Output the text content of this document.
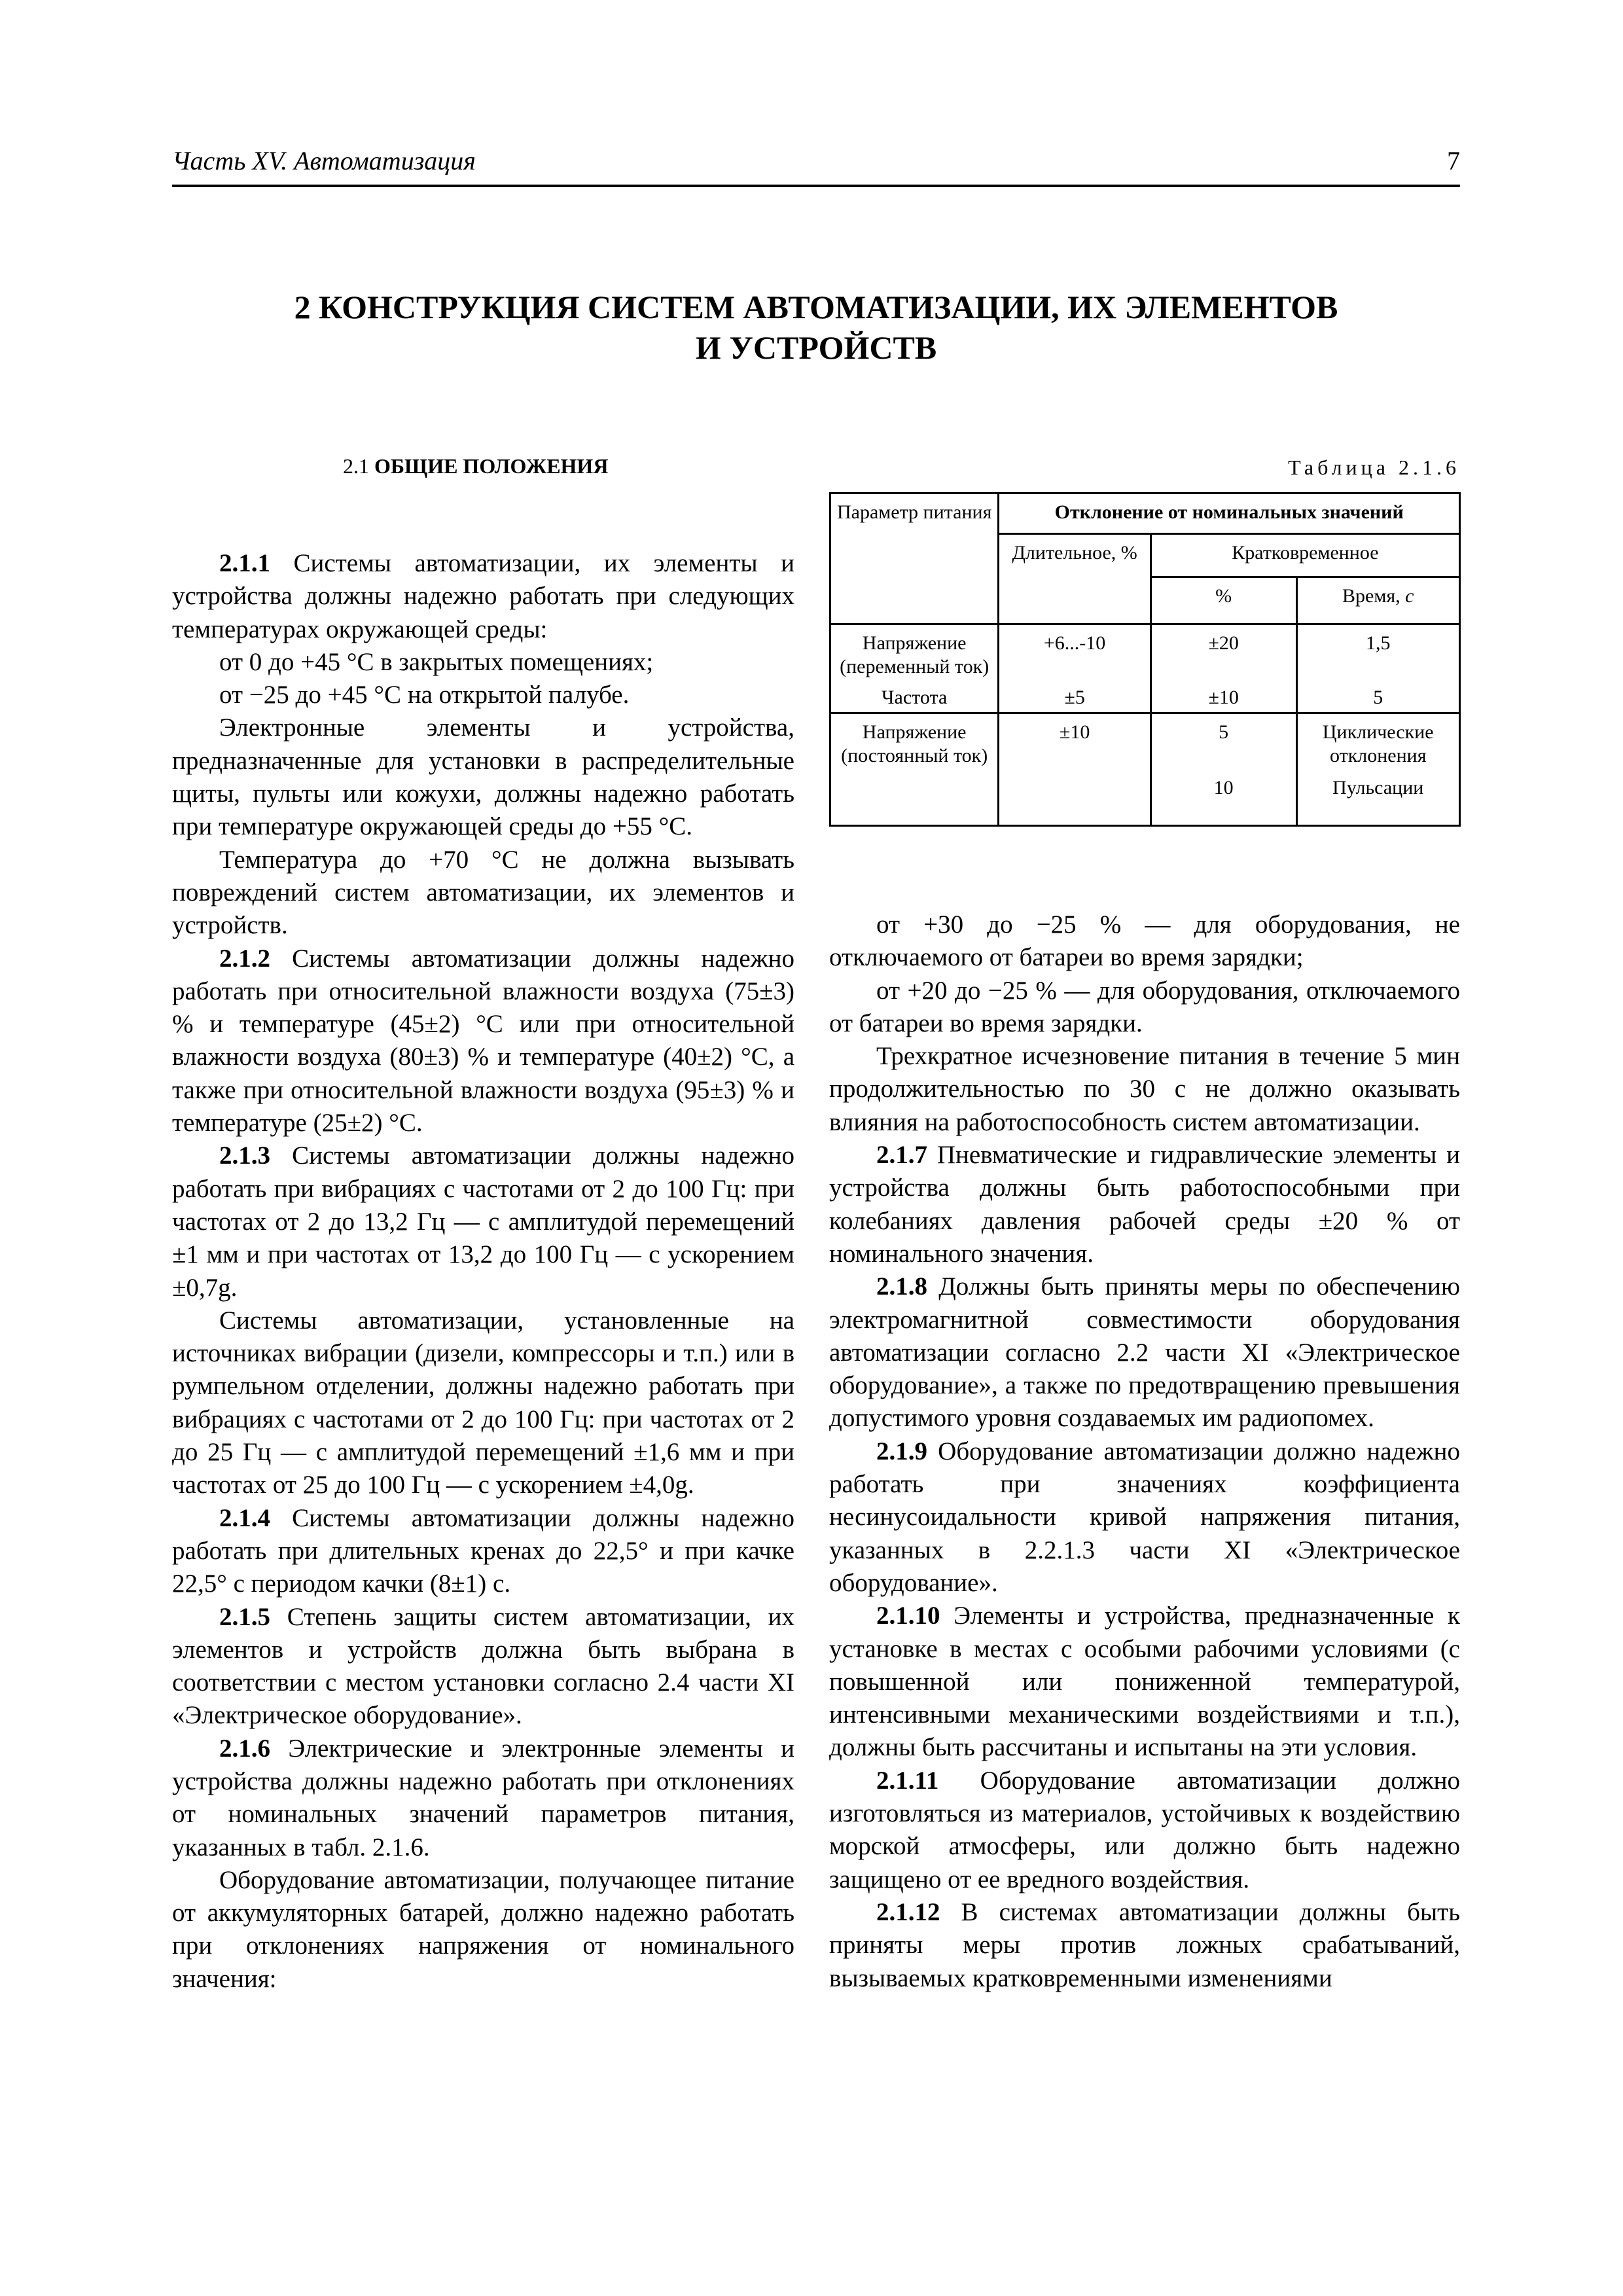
Часть XV. Автоматизация	7
2 КОНСТРУКЦИЯ СИСТЕМ АВТОМАТИЗАЦИИ, ИХ ЭЛЕМЕНТОВ
И УСТРОЙСТВ
2.1 ОБЩИЕ ПОЛОЖЕНИЯ	Таблица 2.1.6
Параметр питания	Отклонение от номинальных значений		
	Длительное, %	Кратковременное	
		%	Время, с
Напряжение (переменный ток)	+6...-10	±20	1,5
Частота	±5	±10	5
Напряжение (постоянный ток)	±10	5	Циклические отклонения
		10	Пульсации

2.1.1 Системы автоматизации, их элементы и устройства должны надежно работать при следующих температурах окружающей среды:

от 0 до +45 °С в закрытых помещениях;

от −25 до +45 °С на открытой палубе.

Электронные элементы и устройства, предназначенные для установки в распределительные щиты, пульты или кожухи, должны надежно работать при температуре окружающей среды до +55 °С.

Температура до +70 °С не должна вызывать повреждений систем автоматизации, их элементов и устройств.

2.1.2 Системы автоматизации должны надежно работать при относительной влажности воздуха (75±3) % и температуре (45±2) °С или при относительной влажности воздуха (80±3) % и температуре (40±2) °С, а также при относительной влажности воздуха (95±3) % и температуре (25±2) °С.

2.1.3 Системы автоматизации должны надежно работать при вибрациях с частотами от 2 до 100 Гц: при частотах от 2 до 13,2 Гц — с амплитудой перемещений ±1 мм и при частотах от 13,2 до 100 Гц — с ускорением ±0,7g.

Системы автоматизации, установленные на источниках вибрации (дизели, компрессоры и т.п.) или в румпельном отделении, должны надежно работать при вибрациях с частотами от 2 до 100 Гц: при частотах от 2 до 25 Гц — с амплитудой перемещений ±1,6 мм и при частотах от 25 до 100 Гц — с ускорением ±4,0g.

2.1.4 Системы автоматизации должны надежно работать при длительных кренах до 22,5° и при качке 22,5° с периодом качки (8±1) с.

2.1.5 Степень защиты систем автоматизации, их элементов и устройств должна быть выбрана в соответствии с местом установки согласно 2.4 части XI «Электрическое оборудование».

2.1.6 Электрические и электронные элементы и устройства должны надежно работать при отклонениях от номинальных значений параметров питания, указанных в табл. 2.1.6.

Оборудование автоматизации, получающее питание от аккумуляторных батарей, должно надежно работать при отклонениях напряжения от номинального значения:

от +30 до −25 % — для оборудования, не отключаемого от батареи во время зарядки;

от +20 до −25 % — для оборудования, отключаемого от батареи во время зарядки.

Трехкратное исчезновение питания в течение 5 мин продолжительностью по 30 с не должно оказывать влияния на работоспособность систем автоматизации.

2.1.7 Пневматические и гидравлические элементы и устройства должны быть работоспособными при колебаниях давления рабочей среды ±20 % от номинального значения.

2.1.8 Должны быть приняты меры по обеспечению электромагнитной совместимости оборудования автоматизации согласно 2.2 части XI «Электрическое оборудование», а также по предотвращению превышения допустимого уровня создаваемых им радиопомех.

2.1.9 Оборудование автоматизации должно надежно работать при значениях коэффициента несинусоидальности кривой напряжения питания, указанных в 2.2.1.3 части XI «Электрическое оборудование».

2.1.10 Элементы и устройства, предназначенные к установке в местах с особыми рабочими условиями (с повышенной или пониженной температурой, интенсивными механическими воздействиями и т.п.), должны быть рассчитаны и испытаны на эти условия.

2.1.11 Оборудование автоматизации должно изготовляться из материалов, устойчивых к воздействию морской атмосферы, или должно быть надежно защищено от ее вредного воздействия.

2.1.12 В системах автоматизации должны быть приняты меры против ложных срабатываний, вызываемых кратковременными изменениями
